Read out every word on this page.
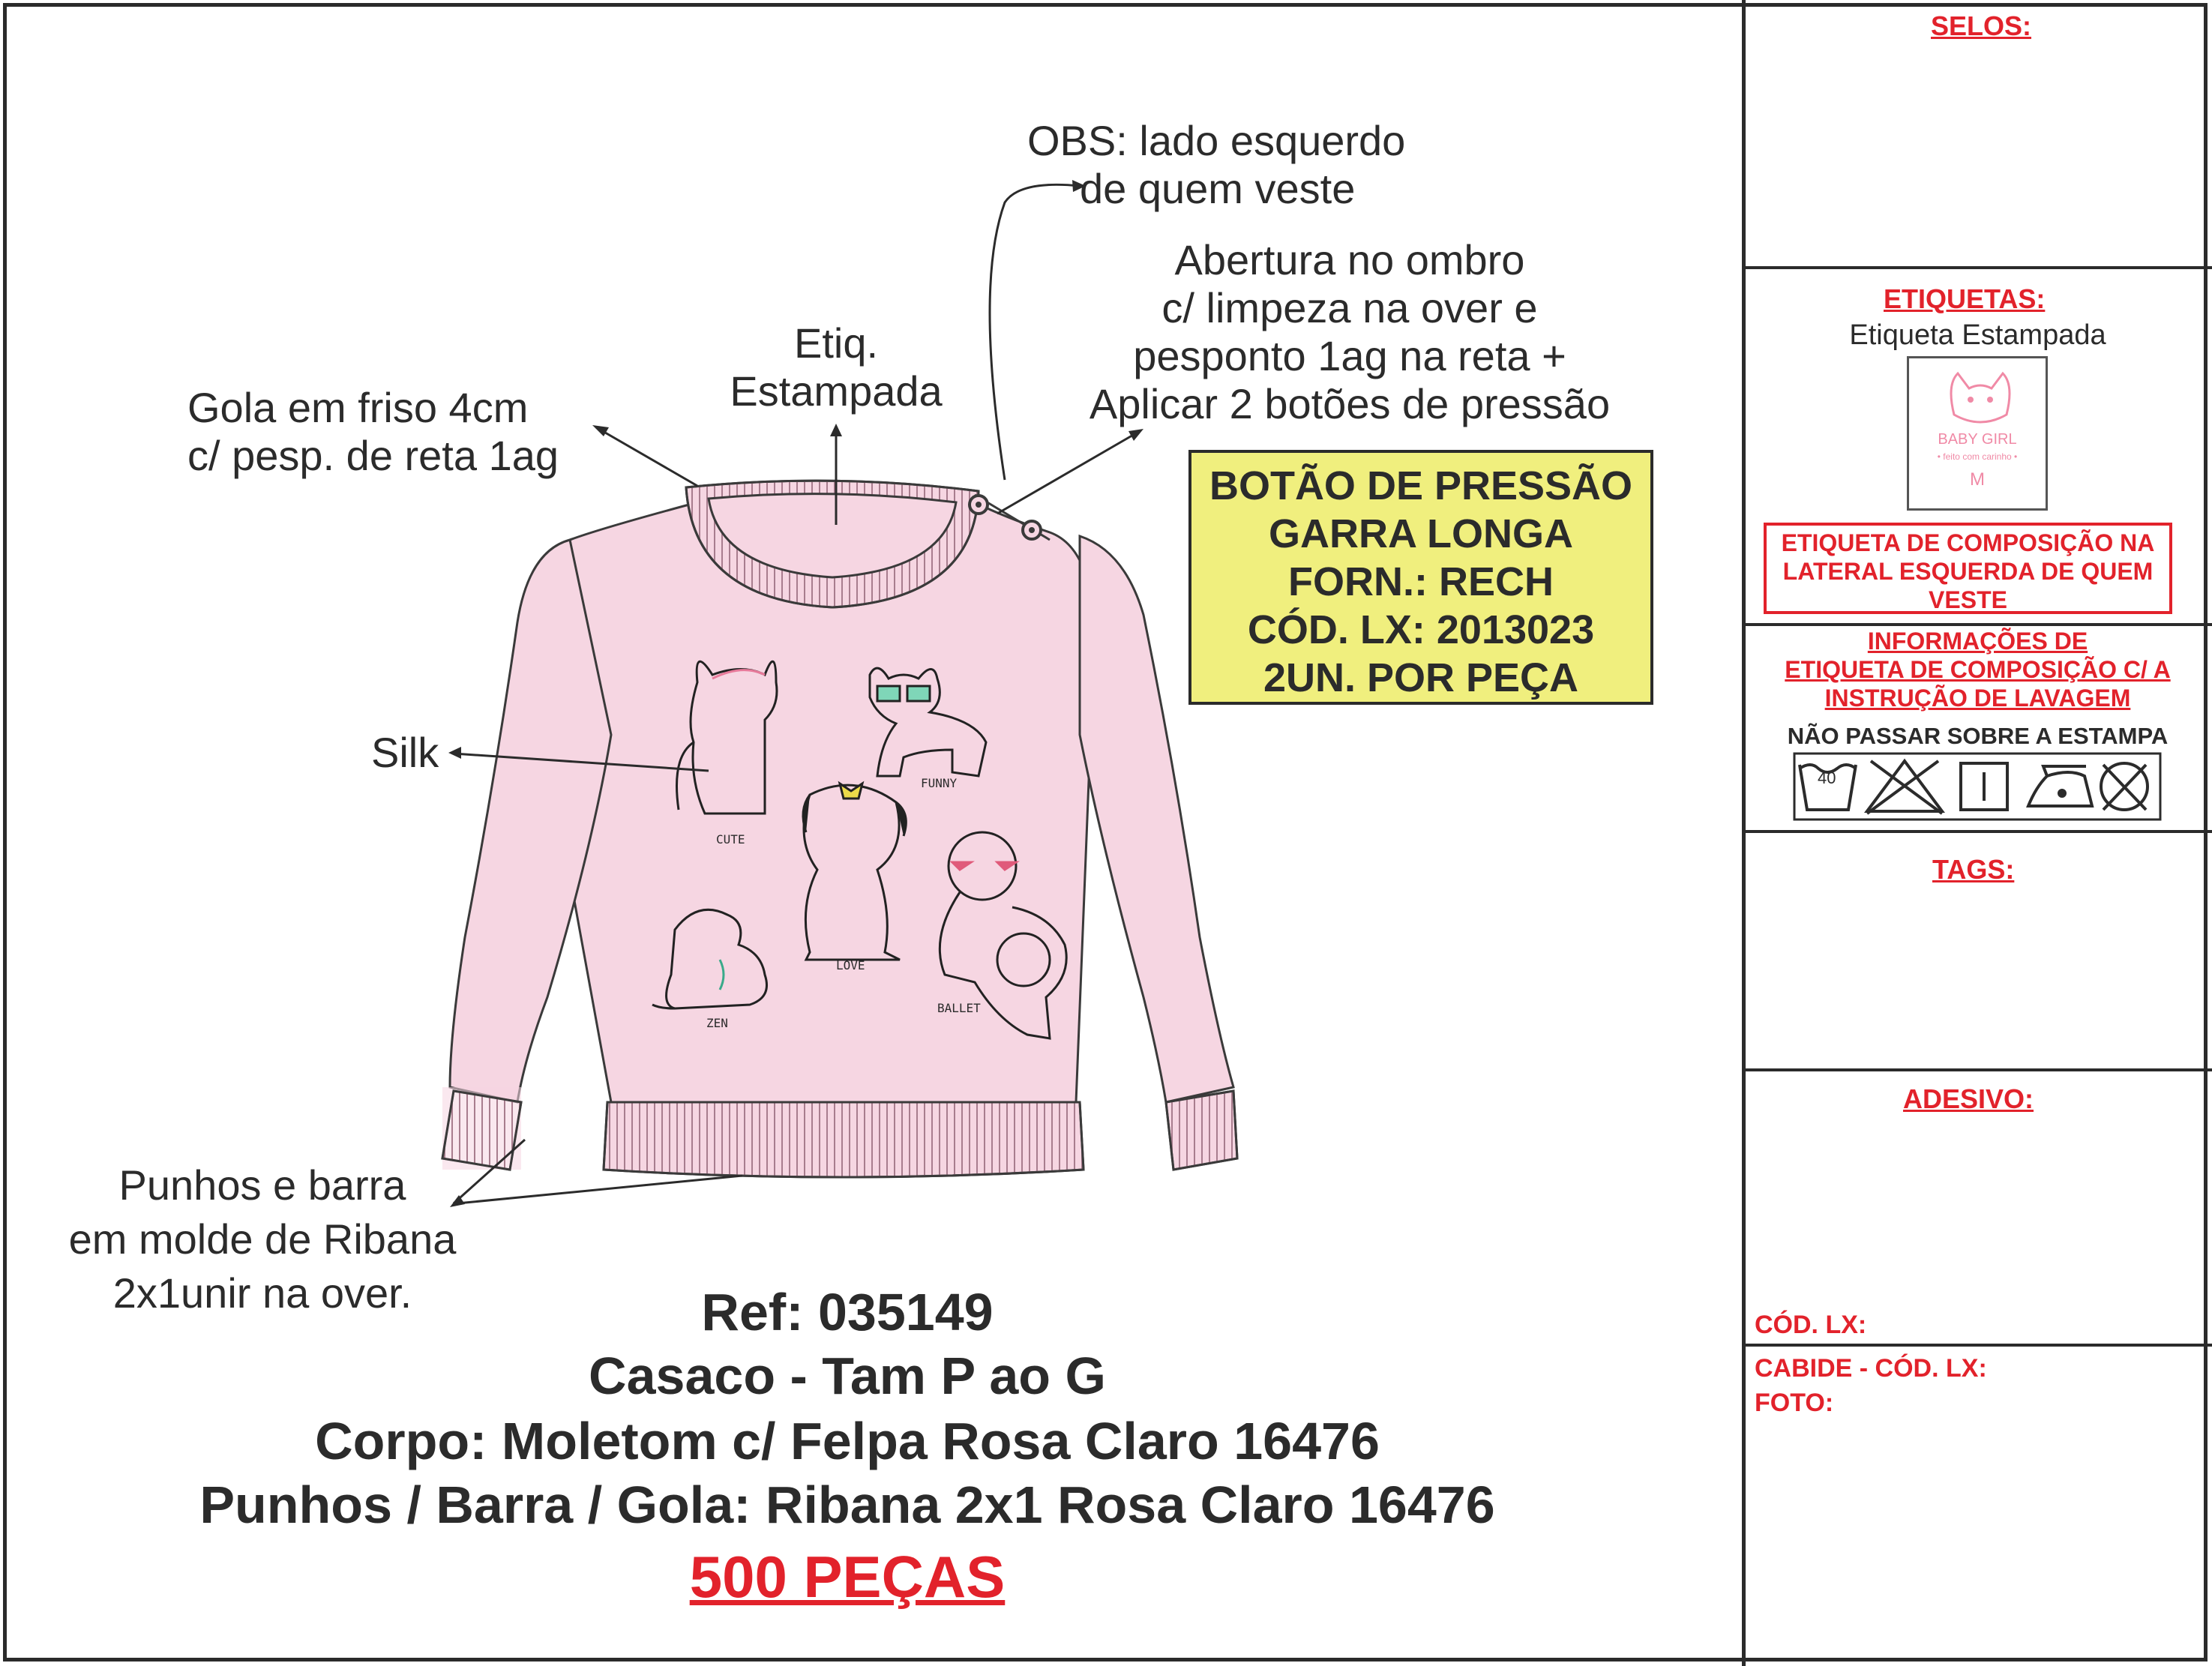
CUTE
FUNNY
LOVE
ZEN
BALLET
OBS: lado esquerdo
de quem veste
Abertura no ombro
c/ limpeza na over e
pesponto 1ag na reta +
Aplicar 2 botões de pressão
Etiq.
Estampada
Gola em friso 4cm
c/ pesp. de reta 1ag
Silk
Punhos e barra
em molde de Ribana
2x1unir na over.
BOTÃO DE PRESSÃO
GARRA LONGA
FORN.: RECH
CÓD. LX: 2013023
2UN. POR PEÇA
Ref: 035149
Casaco - Tam P ao G
Corpo: Moletom c/ Felpa Rosa Claro 16476
Punhos / Barra / Gola: Ribana 2x1 Rosa Claro 16476
500 PEÇAS
SELOS:
ETIQUETAS:
Etiqueta Estampada
BABY GIRL
• feito com carinho •
M
ETIQUETA DE COMPOSIÇÃO NA
LATERAL ESQUERDA DE QUEM
VESTE
INFORMAÇÕES DE
ETIQUETA DE COMPOSIÇÃO C/ A
INSTRUÇÃO DE LAVAGEM
NÃO PASSAR SOBRE A ESTAMPA
40
TAGS:
ADESIVO:
CÓD. LX:
CABIDE - CÓD. LX:
FOTO:
